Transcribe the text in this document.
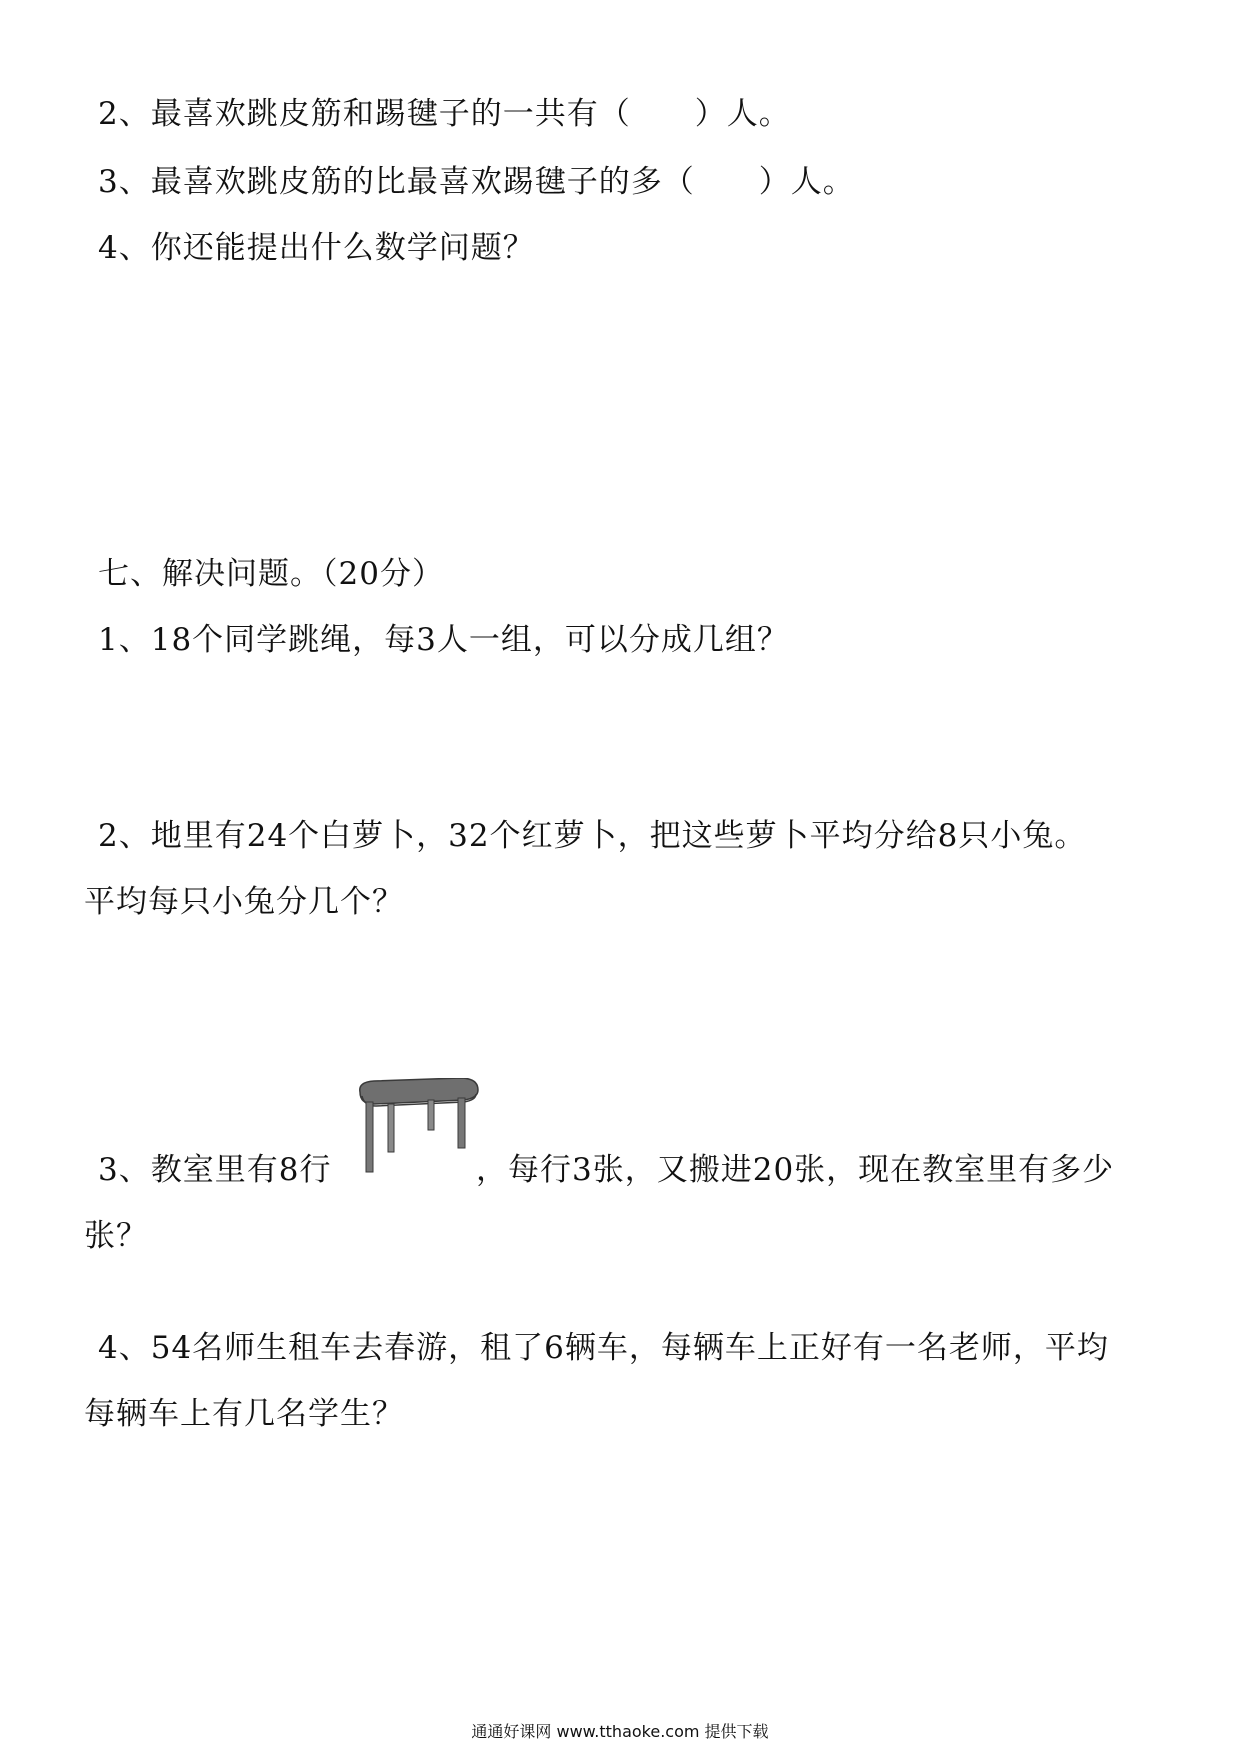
2、最喜欢跳皮筋和踢毽子的一共有（　　）人。
3、最喜欢跳皮筋的比最喜欢踢毽子的多（　　）人。
4、你还能提出什么数学问题？
七、解决问题。（20分）
1、18个同学跳绳，每3人一组，可以分成几组？
2、地里有24个白萝卜，32个红萝卜，把这些萝卜平均分给8只小兔。
平均每只小兔分几个？
3、教室里有8行	，每行3张，又搬进20张，现在教室里有多少
张？
4、54名师生租车去春游，租了6辆车，每辆车上正好有一名老师，平均
每辆车上有几名学生？
通通好课网 www.tthaoke.com 提供下载
